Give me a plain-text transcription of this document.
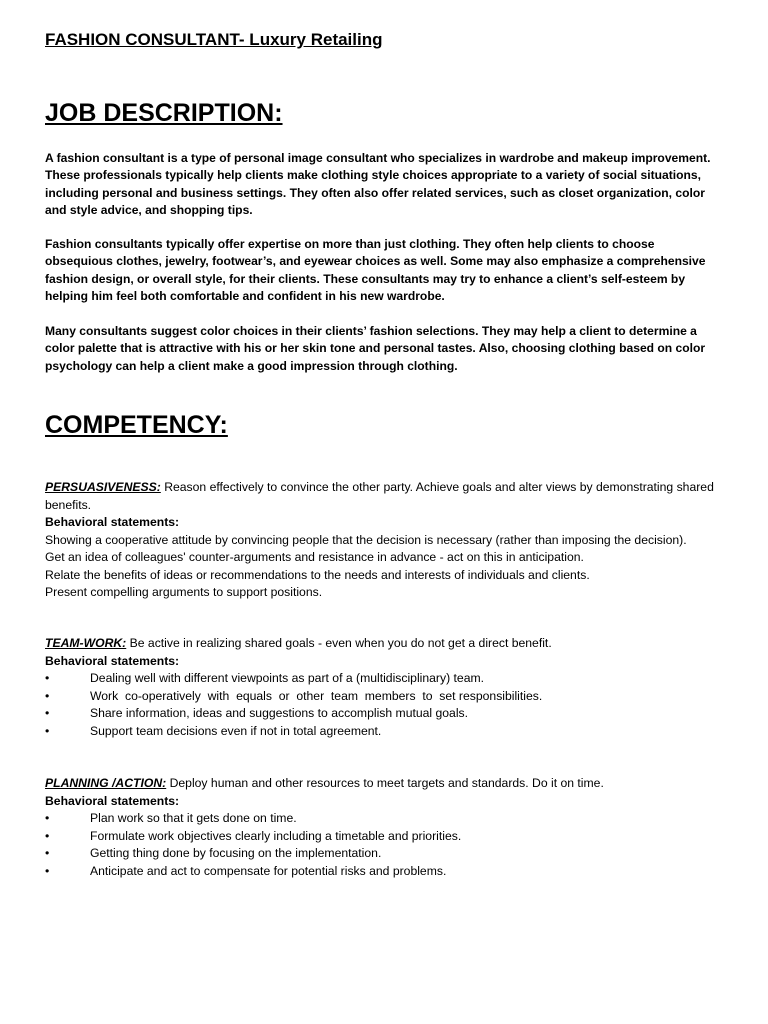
FASHION CONSULTANT- Luxury Retailing
JOB DESCRIPTION:

A fashion consultant is a type of personal image consultant who specializes in wardrobe and makeup improvement. These professionals typically help clients make clothing style choices appropriate to a variety of social situations, including personal and business settings. They often also offer related services, such as closet organization, color and style advice, and shopping tips.

Fashion consultants typically offer expertise on more than just clothing. They often help clients to choose obsequious clothes, jewelry, footwear’s, and eyewear choices as well. Some may also emphasize a comprehensive fashion design, or overall style, for their clients. These consultants may try to enhance a client’s self-esteem by helping him feel both comfortable and confident in his new wardrobe.

Many consultants suggest color choices in their clients’ fashion selections. They may help a client to determine a color palette that is attractive with his or her skin tone and personal tastes. Also, choosing clothing based on color psychology can help a client make a good impression through clothing.

COMPETENCY:
PERSUASIVENESS: Reason effectively to convince the other party. Achieve goals and alter views by demonstrating shared benefits.
Behavioral statements:
Showing a cooperative attitude by convincing people that the decision is necessary (rather than imposing the decision).
Get an idea of colleagues' counter-arguments and resistance in advance - act on this in anticipation.
Relate the benefits of ideas or recommendations to the needs and interests of individuals and clients.
Present compelling arguments to support positions.
TEAM-WORK: Be active in realizing shared goals - even when you do not get a direct benefit.
Behavioral statements:
•	Dealing well with different viewpoints as part of a (multidisciplinary) team.
•	Work  co-operatively  with  equals  or  other  team  members  to  set responsibilities.
•	Share information, ideas and suggestions to accomplish mutual goals.
•	Support team decisions even if not in total agreement.
PLANNING /ACTION: Deploy human and other resources to meet targets and standards. Do it on time.
Behavioral statements:
•	Plan work so that it gets done on time.
•	Formulate work objectives clearly including a timetable and priorities.
•	Getting thing done by focusing on the implementation.
•	Anticipate and act to compensate for potential risks and problems.
